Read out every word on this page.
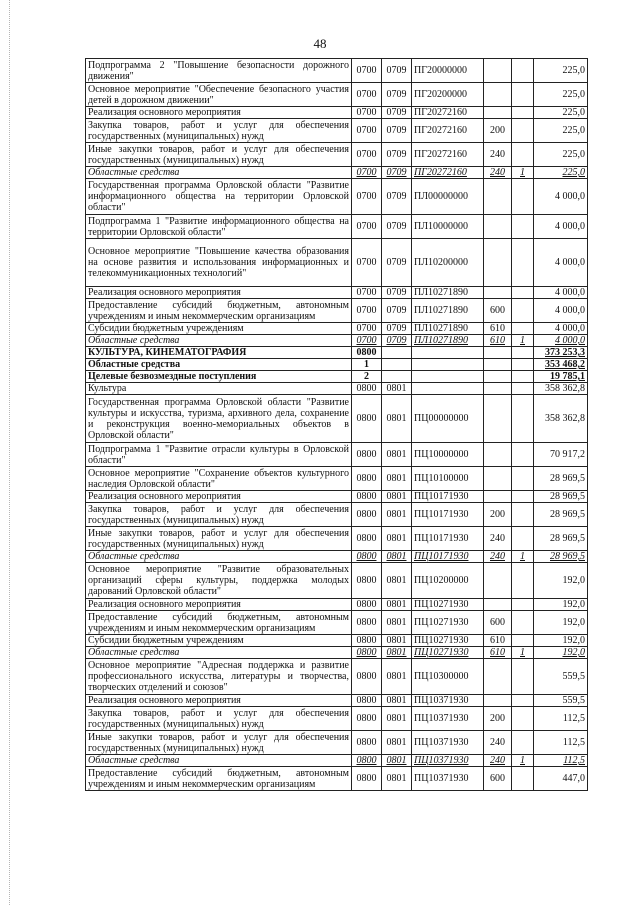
48
Подпрограмма 2 "Повышение безопасности дорожного движения"	0700	0709	ПГ20000000			225,0
Основное мероприятие "Обеспечение безопасного участия детей в дорожном движении"	0700	0709	ПГ20200000			225,0
Реализация основного мероприятия	0700	0709	ПГ20272160			225,0
Закупка товаров, работ и услуг для обеспечения государственных (муниципальных) нужд	0700	0709	ПГ20272160	200		225,0
Иные закупки товаров, работ и услуг для обеспечения государственных (муниципальных) нужд	0700	0709	ПГ20272160	240		225,0
Областные средства	0700	0709	ПГ20272160	240	1	225,0
Государственная программа Орловской области "Развитие информационного общества на территории Орловской области"	0700	0709	ПЛ00000000			4 000,0
Подпрограмма 1 "Развитие информационного общества на территории Орловской области"	0700	0709	ПЛ10000000			4 000,0
Основное мероприятие "Повышение качества образования на основе развития и использования информационных и телекоммуникационных технологий"	0700	0709	ПЛ10200000			4 000,0
Реализация основного мероприятия	0700	0709	ПЛ10271890			4 000,0
Предоставление субсидий бюджетным, автономным учреждениям и иным некоммерческим организациям	0700	0709	ПЛ10271890	600		4 000,0
Субсидии бюджетным учреждениям	0700	0709	ПЛ10271890	610		4 000,0
Областные средства	0700	0709	ПЛ10271890	610	1	4 000,0
КУЛЬТУРА, КИНЕМАТОГРАФИЯ	0800					373 253,3
Областные средства	1					353 468,2
Целевые безвозмездные поступления	2					19 785,1
Культура	0800	0801				358 362,8
Государственная программа Орловской области "Развитие культуры и искусства, туризма, архивного дела, сохранение и реконструкция военно-мемориальных объектов в Орловской области"	0800	0801	ПЦ00000000			358 362,8
Подпрограмма 1 "Развитие отрасли культуры в Орловской области"	0800	0801	ПЦ10000000			70 917,2
Основное мероприятие "Сохранение объектов культурного наследия Орловской области"	0800	0801	ПЦ10100000			28 969,5
Реализация основного мероприятия	0800	0801	ПЦ10171930			28 969,5
Закупка товаров, работ и услуг для обеспечения государственных (муниципальных) нужд	0800	0801	ПЦ10171930	200		28 969,5
Иные закупки товаров, работ и услуг для обеспечения государственных (муниципальных) нужд	0800	0801	ПЦ10171930	240		28 969,5
Областные средства	0800	0801	ПЦ10171930	240	1	28 969,5
Основное мероприятие "Развитие образовательных организаций сферы культуры, поддержка молодых дарований Орловской области"	0800	0801	ПЦ10200000			192,0
Реализация основного мероприятия	0800	0801	ПЦ10271930			192,0
Предоставление субсидий бюджетным, автономным учреждениям и иным некоммерческим организациям	0800	0801	ПЦ10271930	600		192,0
Субсидии бюджетным учреждениям	0800	0801	ПЦ10271930	610		192,0
Областные средства	0800	0801	ПЦ10271930	610	1	192,0
Основное мероприятие "Адресная поддержка и развитие профессионального искусства, литературы и творчества, творческих отделений и союзов"	0800	0801	ПЦ10300000			559,5
Реализация основного мероприятия	0800	0801	ПЦ10371930			559,5
Закупка товаров, работ и услуг для обеспечения государственных (муниципальных) нужд	0800	0801	ПЦ10371930	200		112,5
Иные закупки товаров, работ и услуг для обеспечения государственных (муниципальных) нужд	0800	0801	ПЦ10371930	240		112,5
Областные средства	0800	0801	ПЦ10371930	240	1	112,5
Предоставление субсидий бюджетным, автономным учреждениям и иным некоммерческим организациям	0800	0801	ПЦ10371930	600		447,0
